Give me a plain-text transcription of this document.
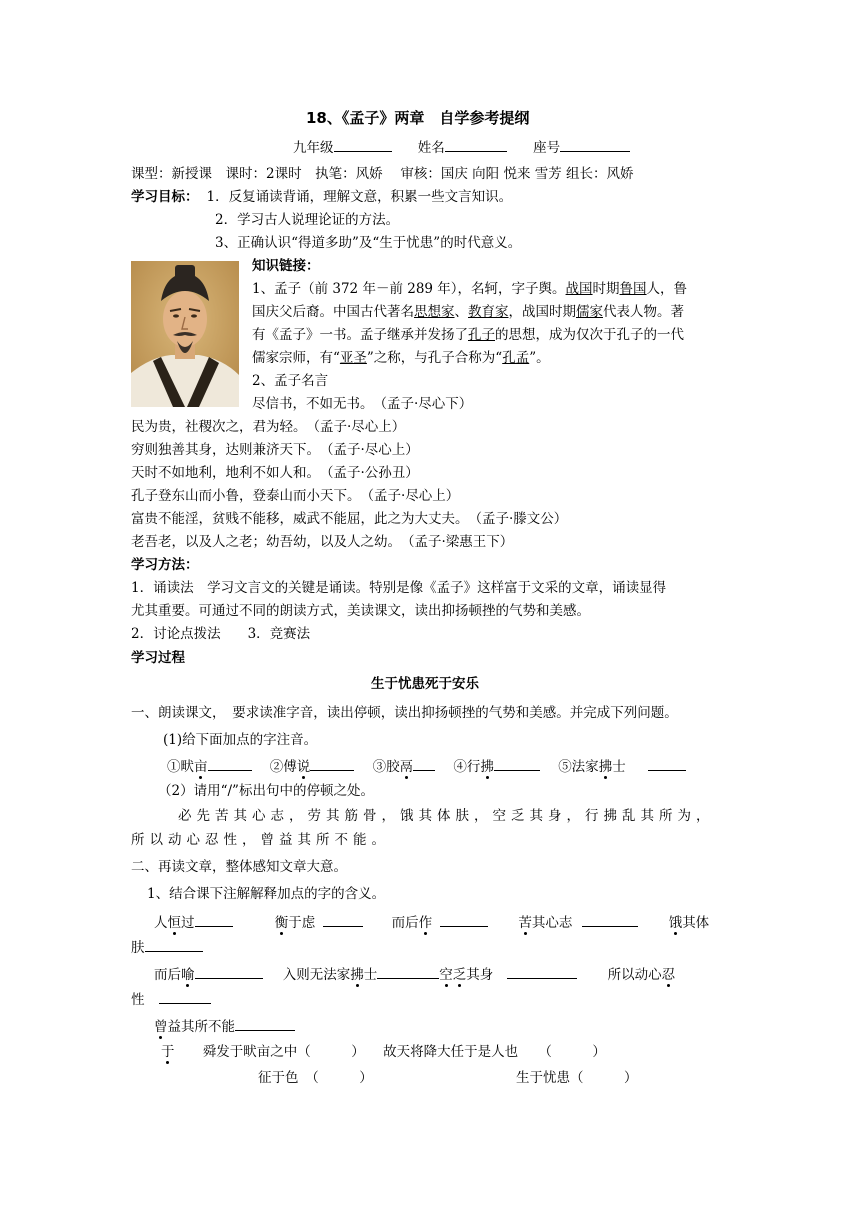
18、《孟子》两章　自学参考提纲
九年级	姓名	座号
课型：新授课　课时：2课时　执笔：风娇　 审核：国庆 向阳 悦来 雪芳 组长：风娇
学习目标： 1．反复诵读背诵，理解文意，积累一些文言知识。
2．学习古人说理论证的方法。
3、正确认识“得道多助”及“生于忧患”的时代意义。
知识链接：
1、孟子（前 372 年－前 289 年），名轲，字子舆。战国时期鲁国人，鲁
国庆父后裔。中国古代著名思想家、教育家，战国时期儒家代表人物。著
有《孟子》一书。孟子继承并发扬了孔子的思想，成为仅次于孔子的一代
儒家宗师，有“亚圣”之称，与孔子合称为“孔孟”。
2、孟子名言
尽信书，不如无书。　（孟子·尽心下）
民为贵，社稷次之，君为轻。　（孟子·尽心上）
穷则独善其身，达则兼济天下。　（孟子·尽心上）
天时不如地利，地利不如人和。　（孟子·公孙丑）
孔子登东山而小鲁，登泰山而小天下。　（孟子·尽心上）
富贵不能淫，贫贱不能移，威武不能屈，此之为大丈夫。　（孟子·滕文公）
老吾老，以及人之老；幼吾幼，以及人之幼。　（孟子·梁惠王下）
学习方法：
1．诵读法　学习文言文的关键是诵读。特别是像《孟子》这样富于文采的文章，诵读显得
尤其重要。可通过不同的朗读方式，美读课文，读出抑扬顿挫的气势和美感。
2．讨论点拨法　　3．竞赛法
学习过程
生于忧患死于安乐
一、朗读课文，　要求读准字音，读出停顿，读出抑扬顿挫的气势和美感。并完成下列问题。
(1)给下面加点的字注音。
①畎亩	②傅说	③胶鬲	④行拂	⑤法家拂士
（2）请用“/”标出句中的停顿之处。
必先苦其心志，劳其筋骨，饿其体肤，空乏其身，行拂乱其所为，
所以动心忍性，曾益其所不能。
二、再读文章，整体感知文章大意。
1、结合课下注解解释加点的字的含义。
人恒过	衡于虑	而后作	苦其心志	饿其体
肤
而后喻	入则无法家拂士	空乏其身	所以动心忍
性
曾益其所不能
于 舜发于畎亩之中（　　　） 故天将降大任于是人也　　（　　　）
征于色　（　　　）	生于忧患（　　　）
